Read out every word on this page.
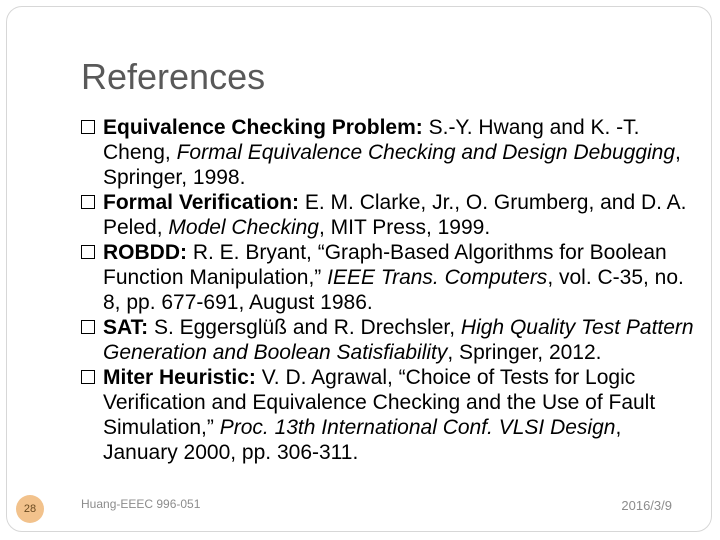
References
Equivalence Checking Problem: S.-Y. Hwang and K. -T. Cheng, Formal Equivalence Checking and Design Debugging, Springer, 1998.
Formal Verification: E. M. Clarke, Jr., O. Grumberg, and D. A. Peled, Model Checking, MIT Press, 1999.
ROBDD: R. E. Bryant, “Graph-Based Algorithms for Boolean Function Manipulation,” IEEE Trans. Computers, vol. C-35, no. 8, pp. 677-691, August 1986.
SAT: S. Eggersglüß and R. Drechsler, High Quality Test Pattern Generation and Boolean Satisfiability, Springer, 2012.
Miter Heuristic: V. D. Agrawal, “Choice of Tests for Logic Verification and Equivalence Checking and the Use of Fault Simulation,” Proc. 13th International Conf. VLSI Design, January 2000, pp. 306-311.
28	Huang-EEEC 996-051	2016/3/9
